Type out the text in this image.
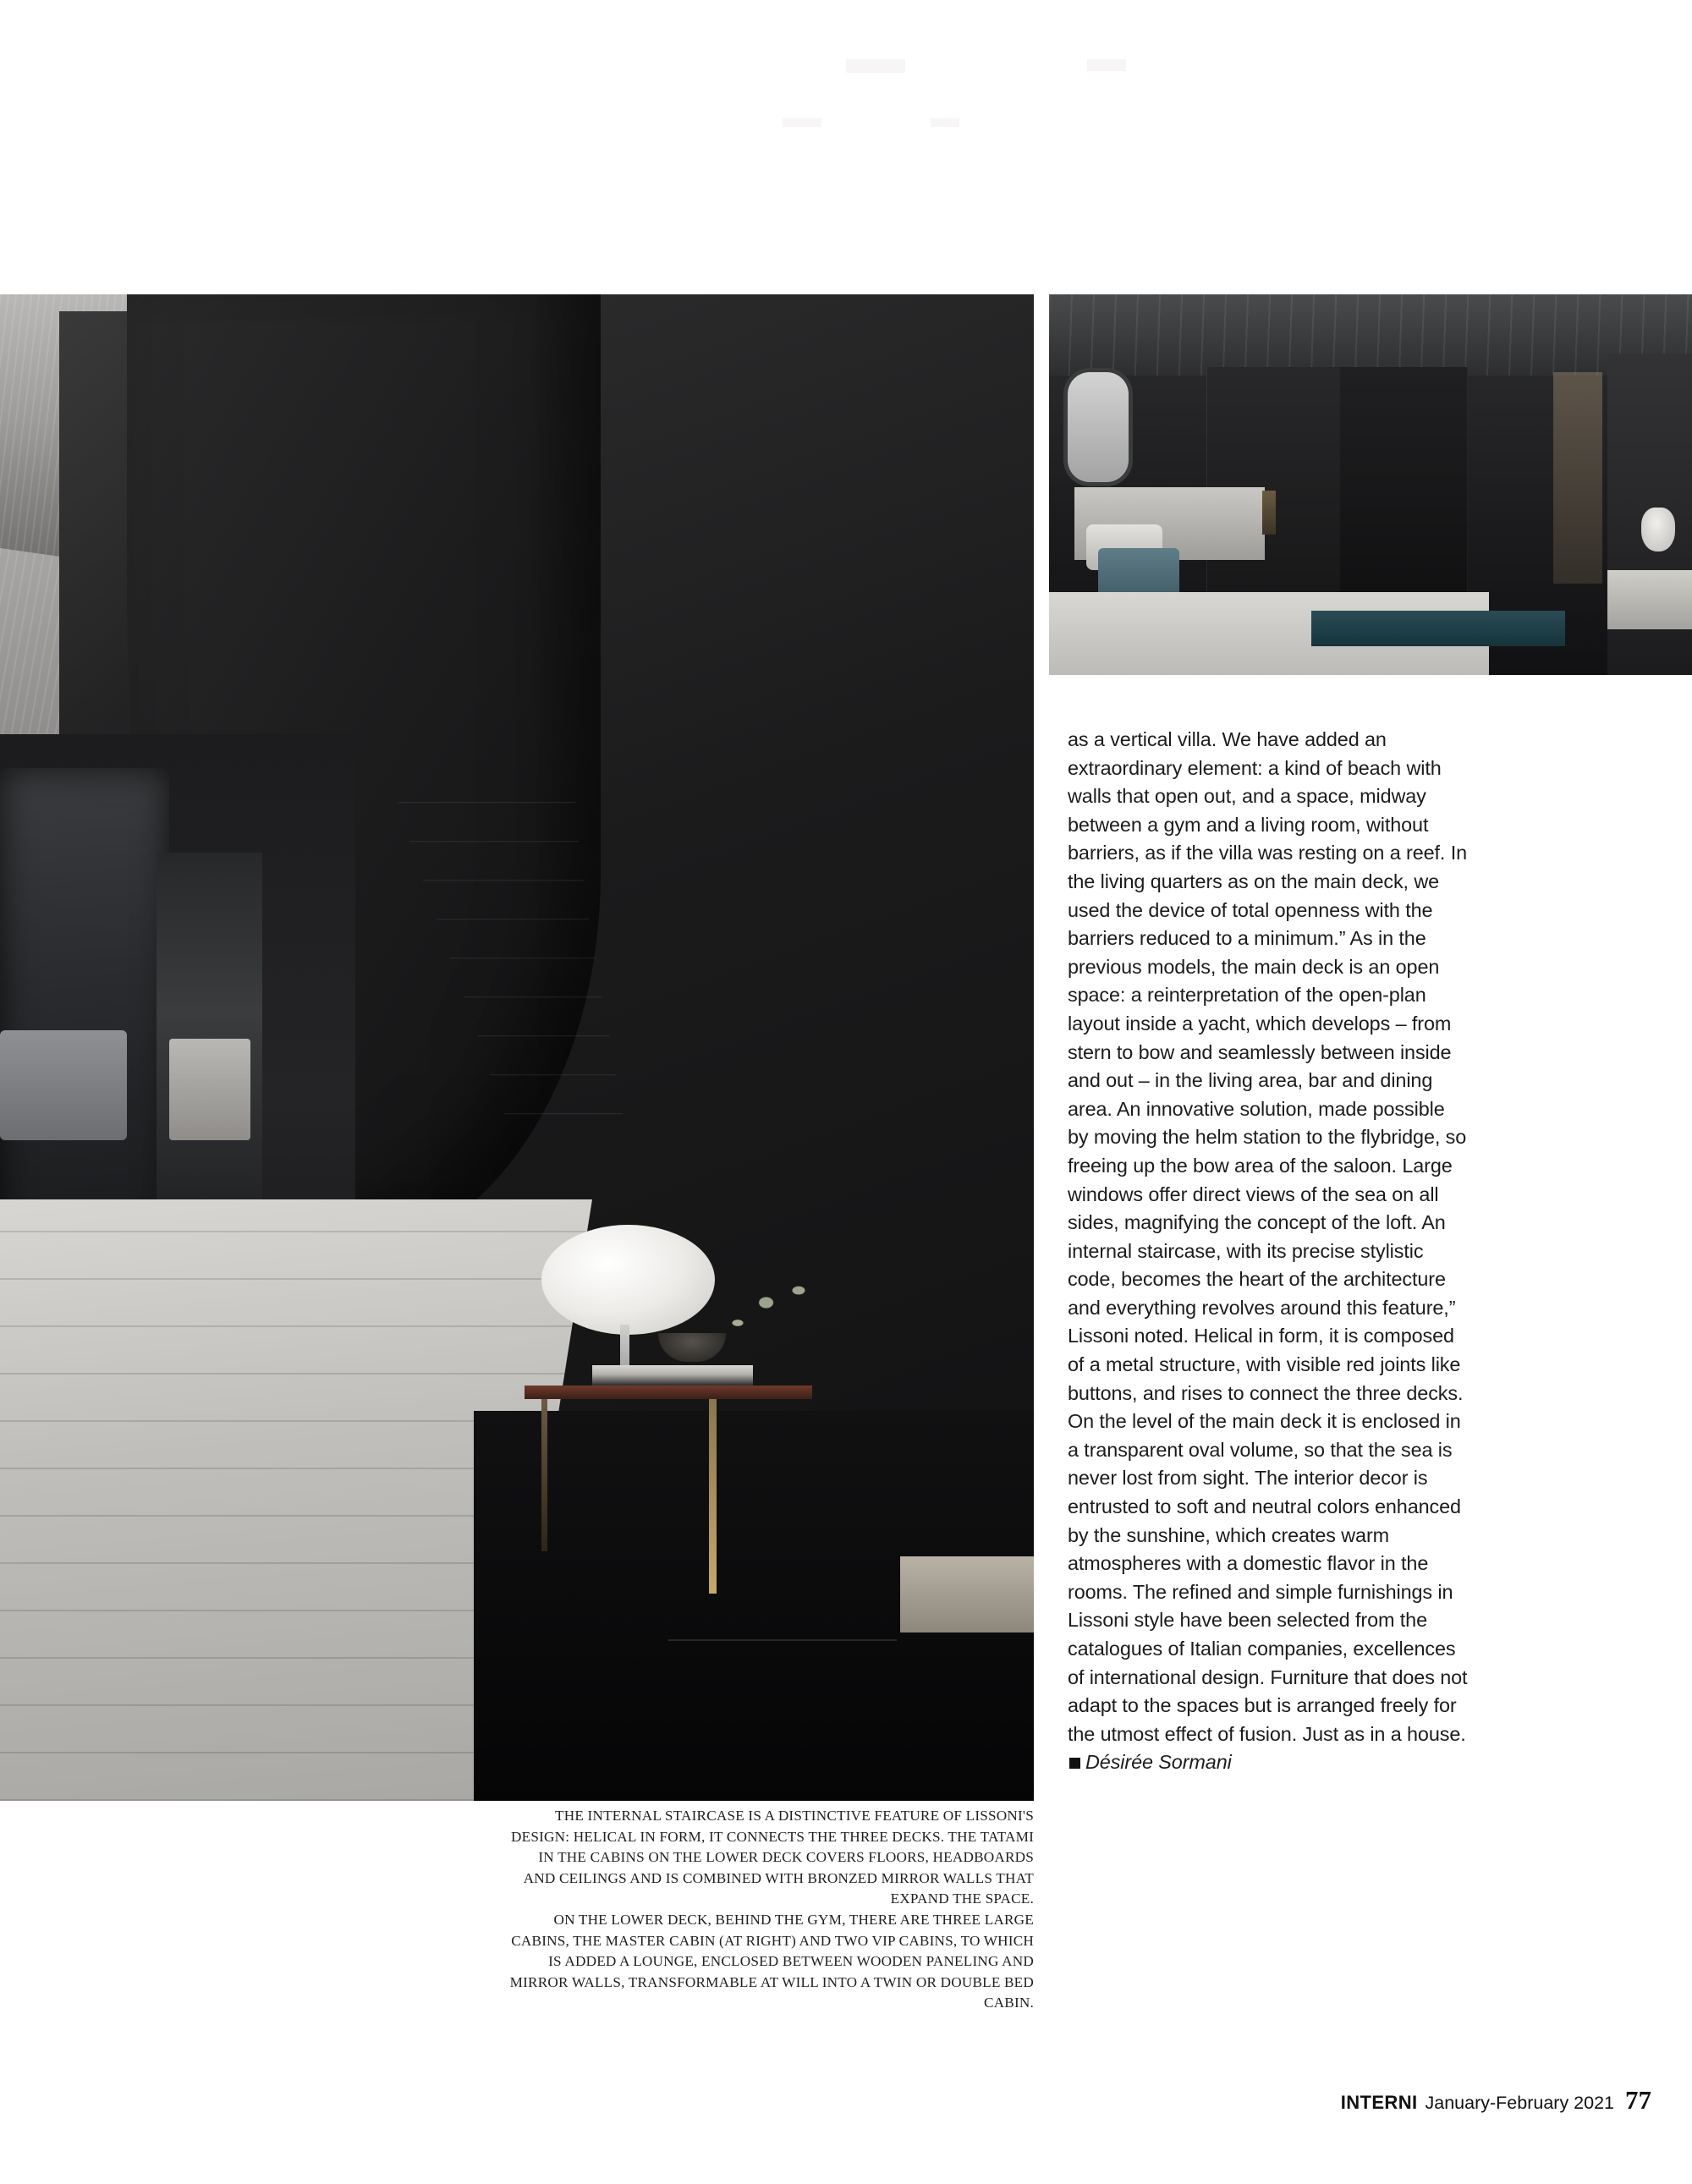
as a vertical villa. We have added an extraordinary element: a kind of beach with walls that open out, and a space, midway between a gym and a living room, without barriers, as if the villa was resting on a reef. In the living quarters as on the main deck, we used the device of total openness with the barriers reduced to a minimum.” As in the previous models, the main deck is an open space: a reinterpretation of the open-plan layout inside a yacht, which develops – from stern to bow and seamlessly between inside and out – in the living area, bar and dining area. An innovative solution, made possible by moving the helm station to the flybridge, so freeing up the bow area of the saloon. Large windows offer direct views of the sea on all sides, magnifying the concept of the loft. An internal staircase, with its precise stylistic code, becomes the heart of the architecture and everything revolves around this feature,” Lissoni noted. Helical in form, it is composed of a metal structure, with visible red joints like buttons, and rises to connect the three decks. On the level of the main deck it is enclosed in a transparent oval volume, so that the sea is never lost from sight. The interior decor is entrusted to soft and neutral colors enhanced by the sunshine, which creates warm atmospheres with a domestic flavor in the rooms. The refined and simple furnishings in Lissoni style have been selected from the catalogues of Italian companies, excellences of international design. Furniture that does not adapt to the spaces but is arranged freely for the utmost effect of fusion. Just as in a house.Désirée Sormani

THE INTERNAL STAIRCASE IS A DISTINCTIVE FEATURE OF LISSONI'S DESIGN: HELICAL IN FORM, IT CONNECTS THE THREE DECKS. THE TATAMI IN THE CABINS ON THE LOWER DECK COVERS FLOORS, HEADBOARDS AND CEILINGS AND IS COMBINED WITH BRONZED MIRROR WALLS THAT EXPAND THE SPACE.

ON THE LOWER DECK, BEHIND THE GYM, THERE ARE THREE LARGE CABINS, THE MASTER CABIN (AT RIGHT) AND TWO VIP CABINS, TO WHICH IS ADDED A LOUNGE, ENCLOSED BETWEEN WOODEN PANELING AND MIRROR WALLS, TRANSFORMABLE AT WILL INTO A TWIN OR DOUBLE BED CABIN.

INTERNI January-February 2021 77
